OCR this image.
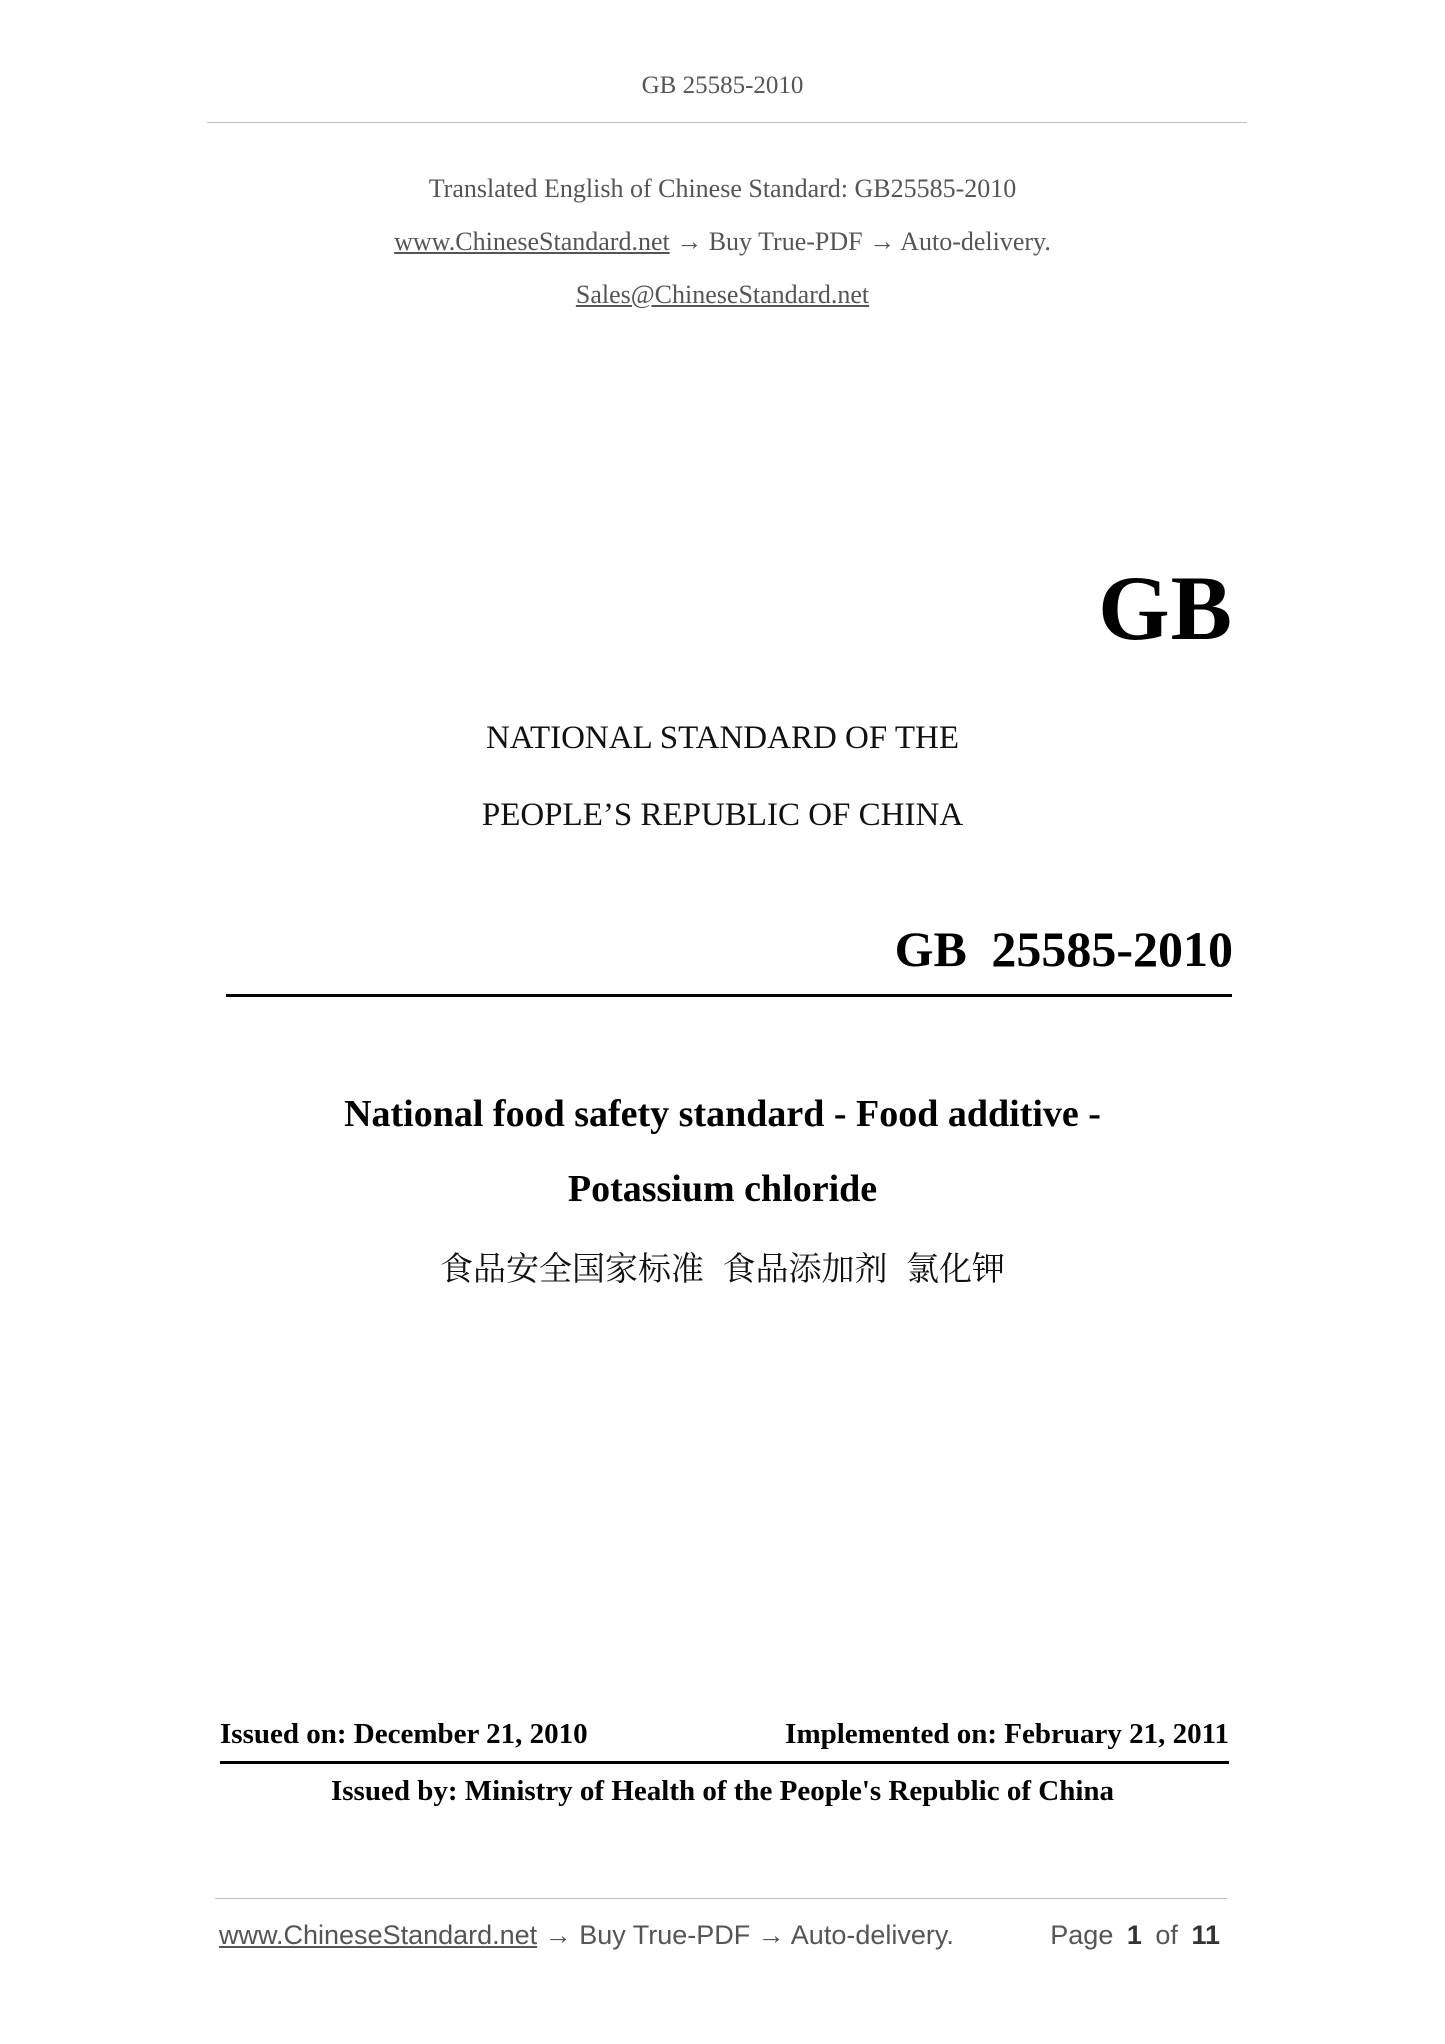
GB 25585-2010
Translated English of Chinese Standard: GB25585-2010
www.ChineseStandard.net → Buy True-PDF → Auto-delivery.
Sales@ChineseStandard.net
GB
NATIONAL STANDARD OF THE
PEOPLE’S REPUBLIC OF CHINA
GB 25585-2010
National food safety standard - Food additive -
Potassium chloride
食品安全国家标准 食品添加剂 氯化钾
Issued on: December 21, 2010	Implemented on: February 21, 2011
Issued by: Ministry of Health of the People's Republic of China
www.ChineseStandard.net → Buy True-PDF → Auto-delivery.	Page 1 of 11
